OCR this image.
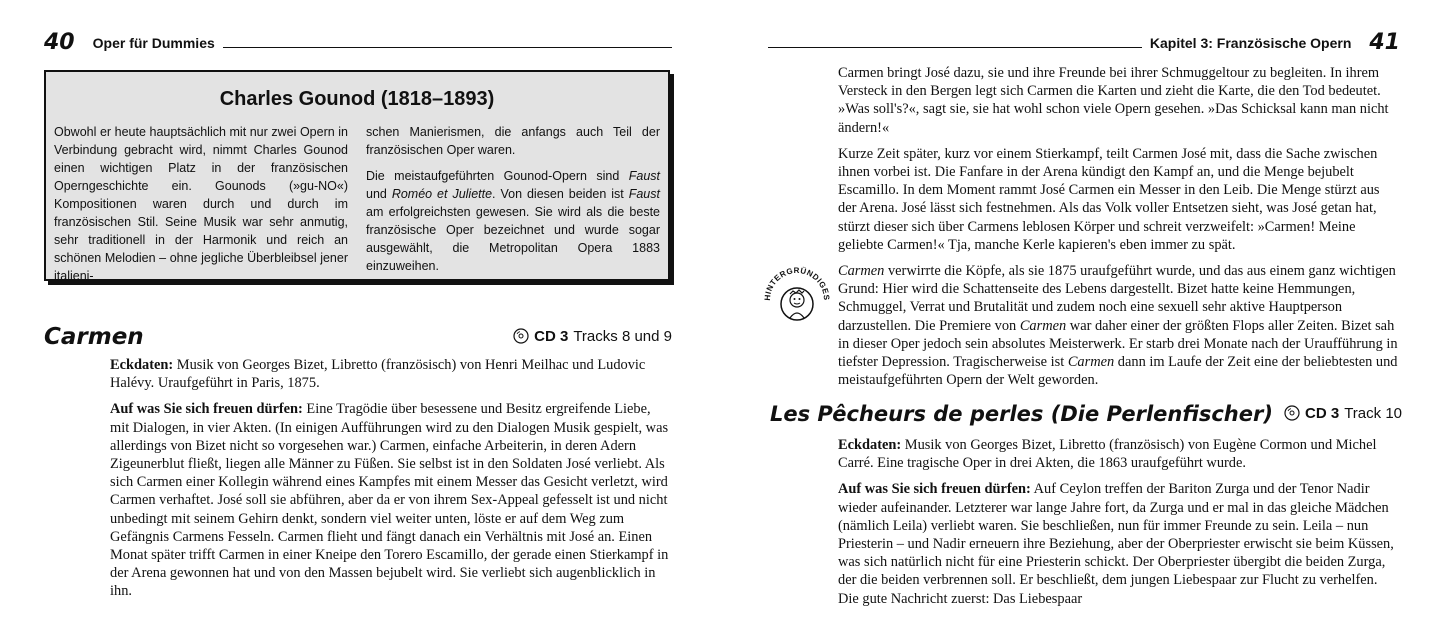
40 Oper für Dummies
Charles Gounod (1818–1893)

Obwohl er heute hauptsächlich mit nur zwei Opern in Verbindung gebracht wird, nimmt Charles Gounod einen wichtigen Platz in der französischen Operngeschichte ein. Gounods (»gu-NO«) Kompositionen waren durch und durch im französischen Stil. Seine Musik war sehr anmutig, sehr traditionell in der Harmonik und reich an schönen Melodien – ohne jegliche Überbleibsel jener italieni-

schen Manierismen, die anfangs auch Teil der französischen Oper waren.

Die meistaufgeführten Gounod-Opern sind Faust und Roméo et Juliette. Von diesen beiden ist Faust am erfolgreichsten gewesen. Sie wird als die beste französische Oper bezeichnet und wurde sogar ausgewählt, die Metropolitan Opera 1883 einzuweihen.

Carmen	CD 3 Tracks 8 und 9

Eckdaten: Musik von Georges Bizet, Libretto (französisch) von Henri Meilhac und Ludovic Halévy. Uraufgeführt in Paris, 1875.

Auf was Sie sich freuen dürfen: Eine Tragödie über besessene und Besitz ergreifende Liebe, mit Dialogen, in vier Akten. (In einigen Aufführungen wird zu den Dialogen Musik gespielt, was allerdings von Bizet nicht so vorgesehen war.) Carmen, einfache Arbeiterin, in deren Adern Zigeunerblut fließt, liegen alle Männer zu Füßen. Sie selbst ist in den Soldaten José verliebt. Als sich Carmen einer Kollegin während eines Kampfes mit einem Messer das Gesicht verletzt, wird Carmen verhaftet. José soll sie abführen, aber da er von ihrem Sex-Appeal gefesselt ist und nicht unbedingt mit seinem Gehirn denkt, sondern viel weiter unten, löste er auf dem Weg zum Gefängnis Carmens Fesseln. Carmen flieht und fängt danach ein Verhältnis mit José an. Einen Monat später trifft Carmen in einer Kneipe den Torero Escamillo, der gerade einen Stierkampf in der Arena gewonnen hat und von den Massen bejubelt wird. Sie verliebt sich augenblicklich in ihn.

Kapitel 3: Französische Opern 41

Carmen bringt José dazu, sie und ihre Freunde bei ihrer Schmuggeltour zu begleiten. In ihrem Versteck in den Bergen legt sich Carmen die Karten und zieht die Karte, die den Tod bedeutet. »Was soll's?«, sagt sie, sie hat wohl schon viele Opern gesehen. »Das Schicksal kann man nicht ändern!«

Kurze Zeit später, kurz vor einem Stierkampf, teilt Carmen José mit, dass die Sache zwischen ihnen vorbei ist. Die Fanfare in der Arena kündigt den Kampf an, und die Menge bejubelt Escamillo. In dem Moment rammt José Carmen ein Messer in den Leib. Die Menge stürzt aus der Arena. José lässt sich festnehmen. Als das Volk voller Entsetzen sieht, was José getan hat, stürzt dieser sich über Carmens leblosen Körper und schreit verzweifelt: »Carmen! Meine geliebte Carmen!« Tja, manche Kerle kapieren's eben immer zu spät.

Carmen verwirrte die Köpfe, als sie 1875 uraufgeführt wurde, und das aus einem ganz wichtigen Grund: Hier wird die Schattenseite des Lebens dargestellt. Bizet hatte keine Hemmungen, Schmuggel, Verrat und Brutalität und zudem noch eine sexuell sehr aktive Hauptperson darzustellen. Die Premiere von Carmen war daher einer der größten Flops aller Zeiten. Bizet sah in dieser Oper jedoch sein absolutes Meisterwerk. Er starb drei Monate nach der Uraufführung in tiefster Depression. Tragischerweise ist Carmen dann im Laufe der Zeit eine der beliebtesten und meistaufgeführten Opern der Welt geworden.

HINTERGRÜNDIGES
Les Pêcheurs de perles (Die Perlenfischer) CD 3 Track 10

Eckdaten: Musik von Georges Bizet, Libretto (französisch) von Eugène Cormon und Michel Carré. Eine tragische Oper in drei Akten, die 1863 uraufgeführt wurde.

Auf was Sie sich freuen dürfen: Auf Ceylon treffen der Bariton Zurga und der Tenor Nadir wieder aufeinander. Letzterer war lange Jahre fort, da Zurga und er mal in das gleiche Mädchen (nämlich Leila) verliebt waren. Sie beschließen, nun für immer Freunde zu sein. Leila – nun Priesterin – und Nadir erneuern ihre Beziehung, aber der Oberpriester erwischt sie beim Küssen, was sich natürlich nicht für eine Priesterin schickt. Der Oberpriester übergibt die beiden Zurga, der die beiden verbrennen soll. Er beschließt, dem jungen Liebespaar zur Flucht zu verhelfen. Die gute Nachricht zuerst: Das Liebespaar
